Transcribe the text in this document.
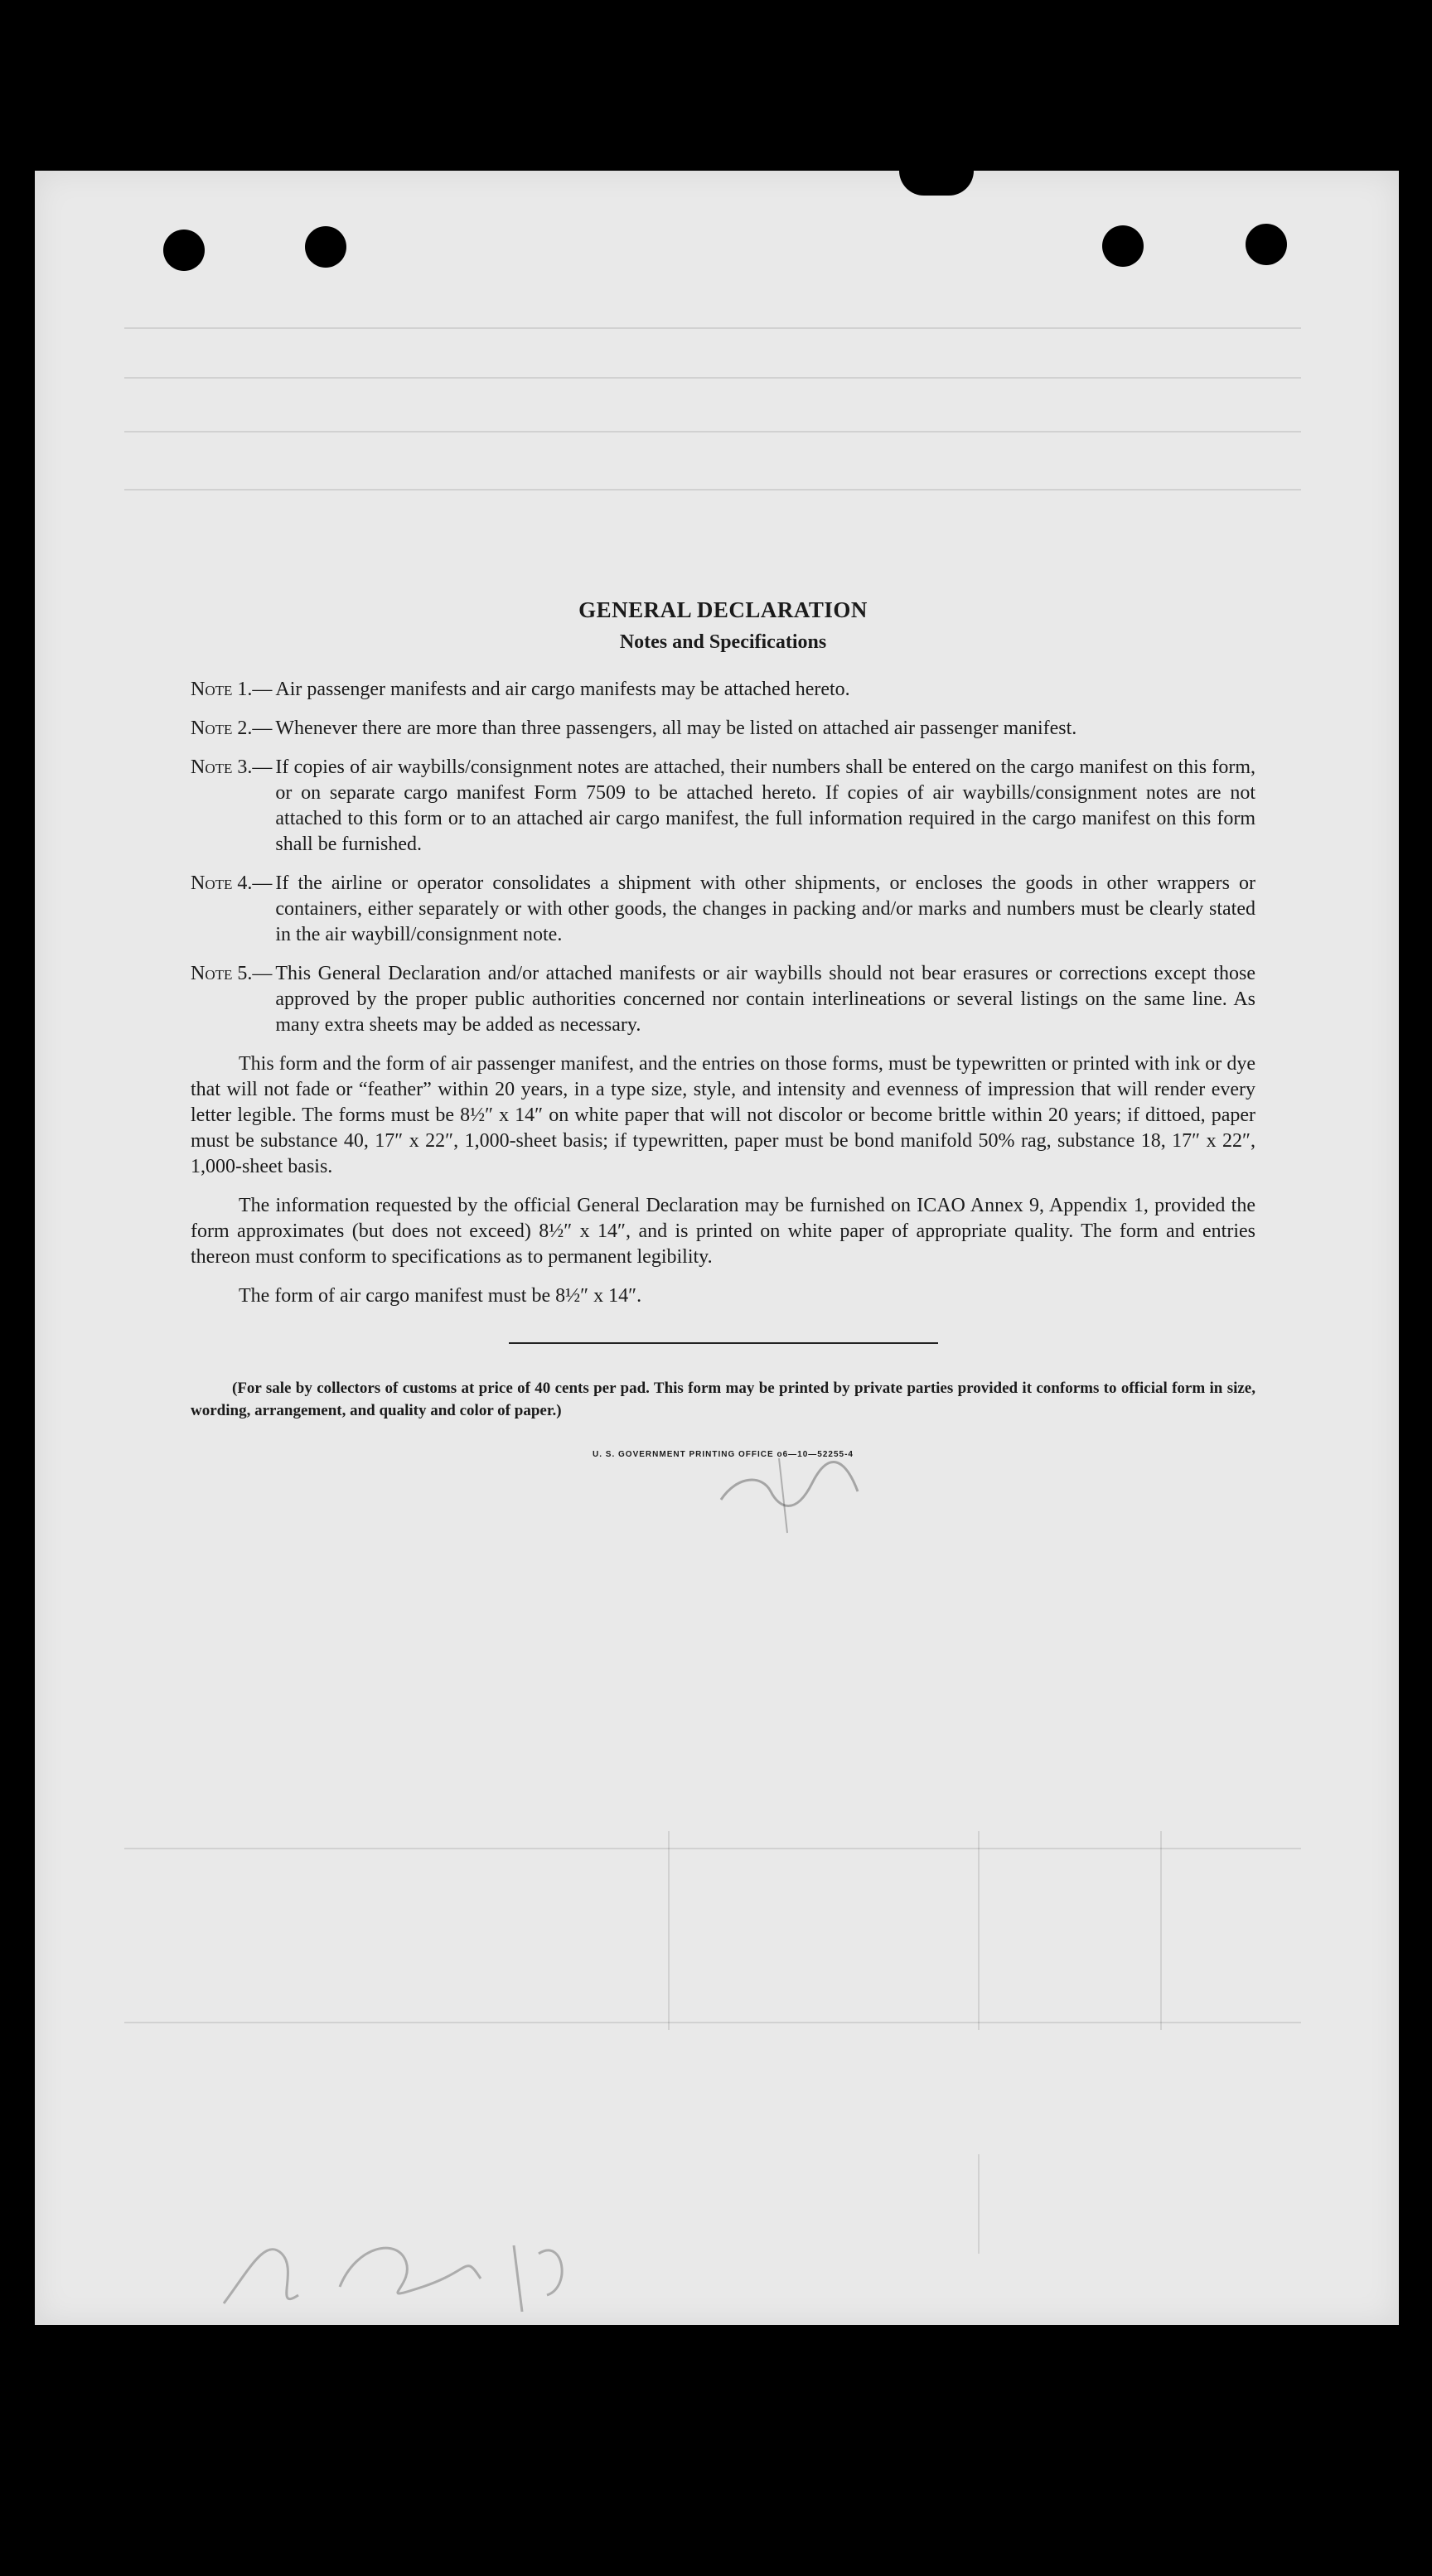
GENERAL DECLARATION
Notes and Specifications
Note 1.— Air passenger manifests and air cargo manifests may be attached hereto.
Note 2.— Whenever there are more than three passengers, all may be listed on attached air passenger manifest.
Note 3.— If copies of air waybills/consignment notes are attached, their numbers shall be entered on the cargo manifest on this form, or on separate cargo manifest Form 7509 to be attached hereto. If copies of air waybills/consignment notes are not attached to this form or to an attached air cargo manifest, the full information required in the cargo manifest on this form shall be furnished.
Note 4.— If the airline or operator consolidates a shipment with other shipments, or encloses the goods in other wrappers or containers, either separately or with other goods, the changes in packing and/or marks and numbers must be clearly stated in the air waybill/consignment note.
Note 5.— This General Declaration and/or attached manifests or air waybills should not bear erasures or corrections except those approved by the proper public authorities concerned nor contain interlineations or several listings on the same line. As many extra sheets may be added as necessary.

This form and the form of air passenger manifest, and the entries on those forms, must be typewritten or printed with ink or dye that will not fade or “feather” within 20 years, in a type size, style, and intensity and evenness of impression that will render every letter legible. The forms must be 8½″ x 14″ on white paper that will not discolor or become brittle within 20 years; if dittoed, paper must be substance 40, 17″ x 22″, 1,000-sheet basis; if typewritten, paper must be bond manifold 50% rag, substance 18, 17″ x 22″, 1,000-sheet basis.

The information requested by the official General Declaration may be furnished on ICAO Annex 9, Appendix 1, provided the form approximates (but does not exceed) 8½″ x 14″, and is printed on white paper of appropriate quality. The form and entries thereon must conform to specifications as to permanent legibility.

The form of air cargo manifest must be 8½″ x 14″.

(For sale by collectors of customs at price of 40 cents per pad. This form may be printed by private parties provided it conforms to official form in size, wording, arrangement, and quality and color of paper.)

U. S. GOVERNMENT PRINTING OFFICE o6—10—52255-4
